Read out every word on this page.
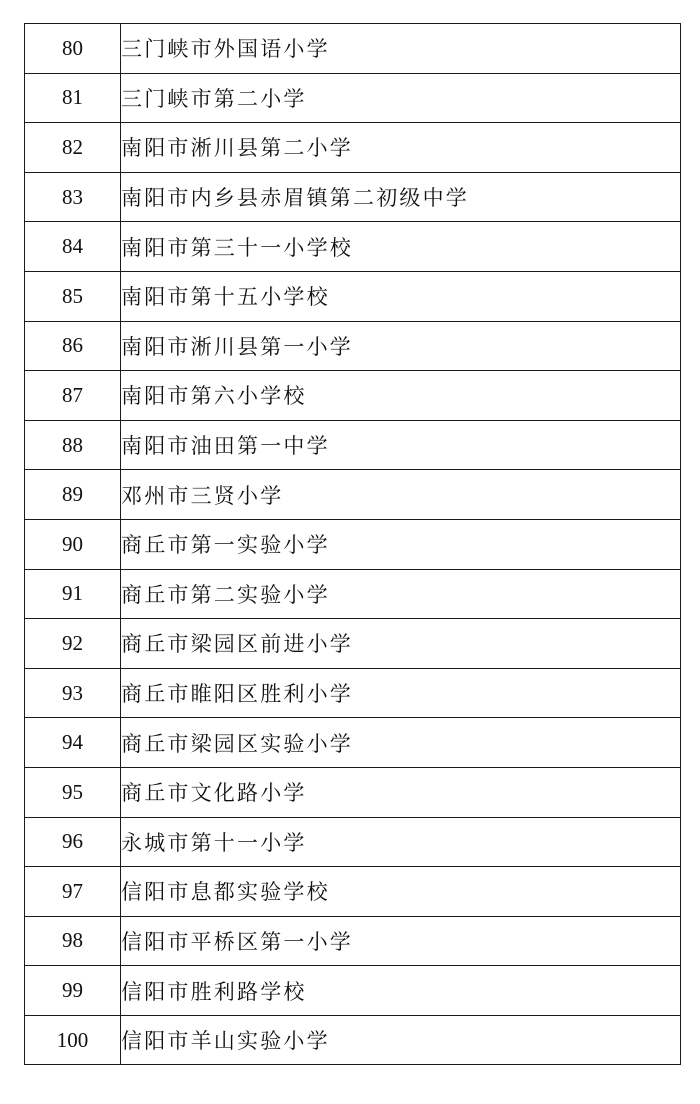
80	三门峡市外国语小学
81	三门峡市第二小学
82	南阳市淅川县第二小学
83	南阳市内乡县赤眉镇第二初级中学
84	南阳市第三十一小学校
85	南阳市第十五小学校
86	南阳市淅川县第一小学
87	南阳市第六小学校
88	南阳市油田第一中学
89	邓州市三贤小学
90	商丘市第一实验小学
91	商丘市第二实验小学
92	商丘市梁园区前进小学
93	商丘市睢阳区胜利小学
94	商丘市梁园区实验小学
95	商丘市文化路小学
96	永城市第十一小学
97	信阳市息都实验学校
98	信阳市平桥区第一小学
99	信阳市胜利路学校
100	信阳市羊山实验小学
